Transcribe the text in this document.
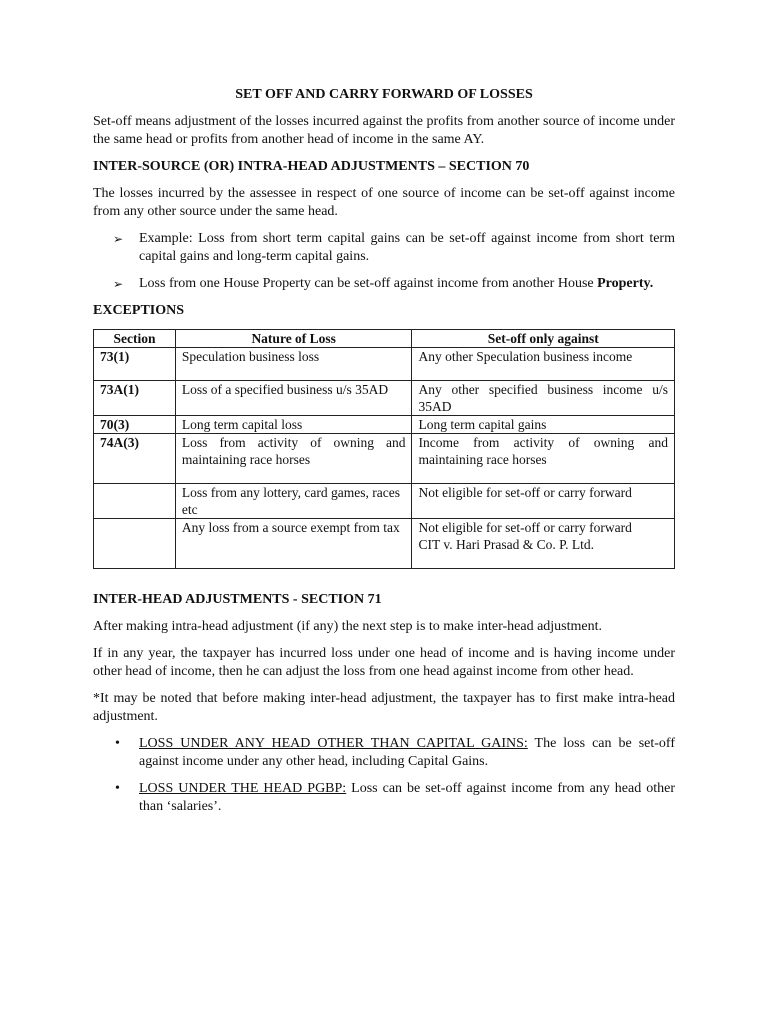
SET OFF AND CARRY FORWARD OF LOSSES
Set-off means adjustment of the losses incurred against the profits from another source of income under the same head or profits from another head of income in the same AY.
INTER-SOURCE (OR) INTRA-HEAD ADJUSTMENTS – SECTION 70
The losses incurred by the assessee in respect of one source of income can be set-off against income from any other source under the same head.
➢ Example: Loss from short term capital gains can be set-off against income from short term capital gains and long-term capital gains.
➢ Loss from one House Property can be set-off against income from another House Property.
EXCEPTIONS
Section	Nature of Loss	Set-off only against
73(1)	Speculation business loss	Any other Speculation business income
73A(1)	Loss of a specified business u/s 35AD	Any other specified business income u/s 35AD
70(3)	Long term capital loss	Long term capital gains
74A(3)	Loss from activity of owning and maintaining race horses	Income from activity of owning and maintaining race horses
	Loss from any lottery, card games, races etc	Not eligible for set-off or carry forward
	Any loss from a source exempt from tax	Not eligible for set-off or carry forward
CIT v. Hari Prasad & Co. P. Ltd.
INTER-HEAD ADJUSTMENTS - SECTION 71
After making intra-head adjustment (if any) the next step is to make inter-head adjustment.
If in any year, the taxpayer has incurred loss under one head of income and is having income under other head of income, then he can adjust the loss from one head against income from other head.
*It may be noted that before making inter-head adjustment, the taxpayer has to first make intra-head adjustment.
• LOSS UNDER ANY HEAD OTHER THAN CAPITAL GAINS: The loss can be set-off against income under any other head, including Capital Gains.
• LOSS UNDER THE HEAD PGBP: Loss can be set-off against income from any head other than ‘salaries’.
